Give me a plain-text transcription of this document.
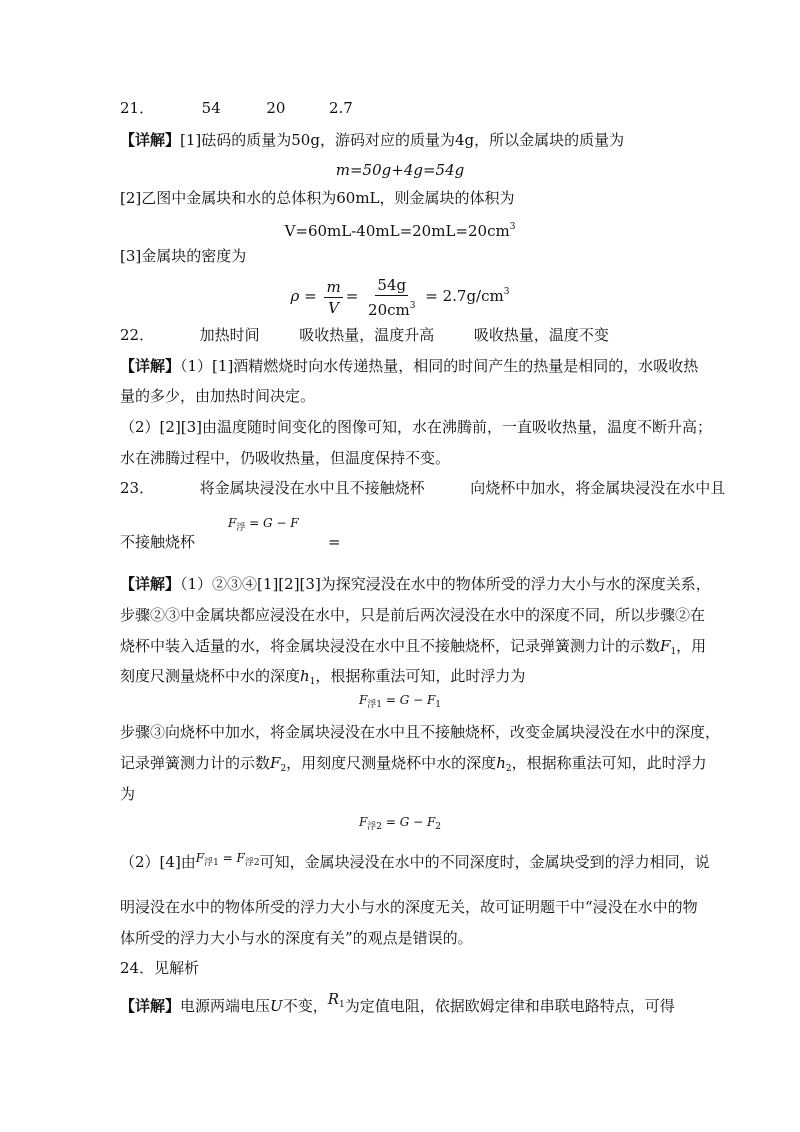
21．	54	20	2.7
【详解】[1]砝码的质量为50g，游码对应的质量为4g，所以金属块的质量为
m=50g+4g=54g
[2]乙图中金属块和水的总体积为60mL，则金属块的体积为
$V=60mL-40mL=20mL=20cm^3$
[3]金属块的密度为
$\rho = \frac{m}{V} = \frac{54g}{20cm^3} = 2.7g/cm^3$
22．	加热时间	吸收热量，温度升高	吸收热量，温度不变
【详解】（1）[1]酒精燃烧时向水传递热量，相同的时间产生的热量是相同的，水吸收热
量的多少，由加热时间决定。
（2）[2][3]由温度随时间变化的图像可知，水在沸腾前，一直吸收热量，温度不断升高；
水在沸腾过程中，仍吸收热量，但温度保持不变。
23．	将金属块浸没在水中且不接触烧杯	向烧杯中加水，将金属块浸没在水中且
不接触烧杯
$F_浮 = G - F$
=
【详解】（1）②③④[1][2][3]为探究浸没在水中的物体所受的浮力大小与水的深度关系，
步骤②③中金属块都应浸没在水中，只是前后两次浸没在水中的深度不同，所以步骤②在
烧杯中装入适量的水，将金属块浸没在水中且不接触烧杯，记录弹簧测力计的示数$F_1$，用
刻度尺测量烧杯中水的深度$h_1$，根据称重法可知，此时浮力为
$F_{浮1} = G - F_1$
步骤③向烧杯中加水，将金属块浸没在水中且不接触烧杯，改变金属块浸没在水中的深度，
记录弹簧测力计的示数$F_2$，用刻度尺测量烧杯中水的深度$h_2$，根据称重法可知，此时浮力
为
$F_{浮2} = G - F_2$
（2）[4]由$^{F_{浮1} = F_{浮2}}$可知，金属块浸没在水中的不同深度时，金属块受到的浮力相同，说
明浸没在水中的物体所受的浮力大小与水的深度无关，故可证明题干中“浸没在水中的物
体所受的浮力大小与水的深度有关”的观点是错误的。
24．见解析
【详解】电源两端电压U不变，$R_1$为定值电阻，依据欧姆定律和串联电路特点，可得
